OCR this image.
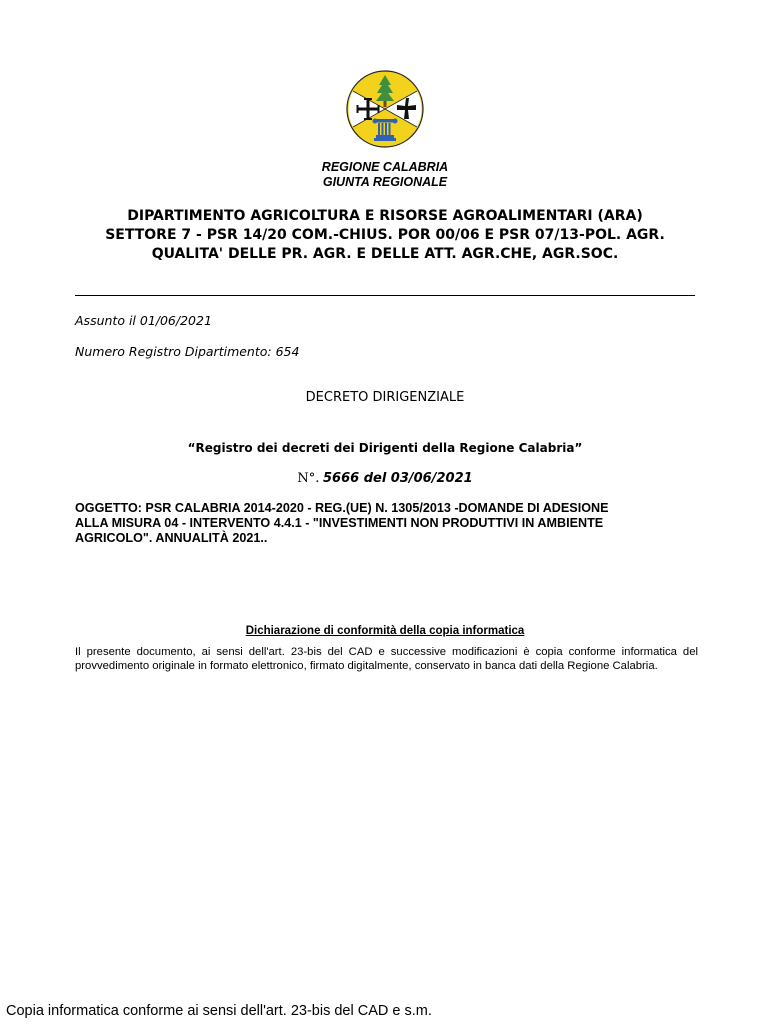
REGIONE CALABRIA
GIUNTA REGIONALE
DIPARTIMENTO AGRICOLTURA E RISORSE AGROALIMENTARI (ARA)
SETTORE 7 - PSR 14/20 COM.-CHIUS. POR 00/06 E PSR 07/13-POL. AGR.
QUALITA' DELLE PR. AGR. E DELLE ATT. AGR.CHE, AGR.SOC.
Assunto il 01/06/2021
Numero Registro Dipartimento: 654
DECRETO DIRIGENZIALE
“Registro dei decreti dei Dirigenti della Regione Calabria”
N°. 5666 del 03/06/2021
OGGETTO: PSR CALABRIA 2014-2020 - REG.(UE) N. 1305/2013 -DOMANDE DI ADESIONE
ALLA MISURA 04 - INTERVENTO 4.4.1 - "INVESTIMENTI NON PRODUTTIVI IN AMBIENTE
AGRICOLO". ANNUALITÀ 2021..
Dichiarazione di conformità della copia informatica
Il presente documento, ai sensi dell'art. 23-bis del CAD e successive modificazioni è copia conforme informatica del provvedimento originale in formato elettronico, firmato digitalmente, conservato in banca dati della Regione Calabria.
Copia informatica conforme ai sensi dell'art. 23-bis del CAD e s.m.
